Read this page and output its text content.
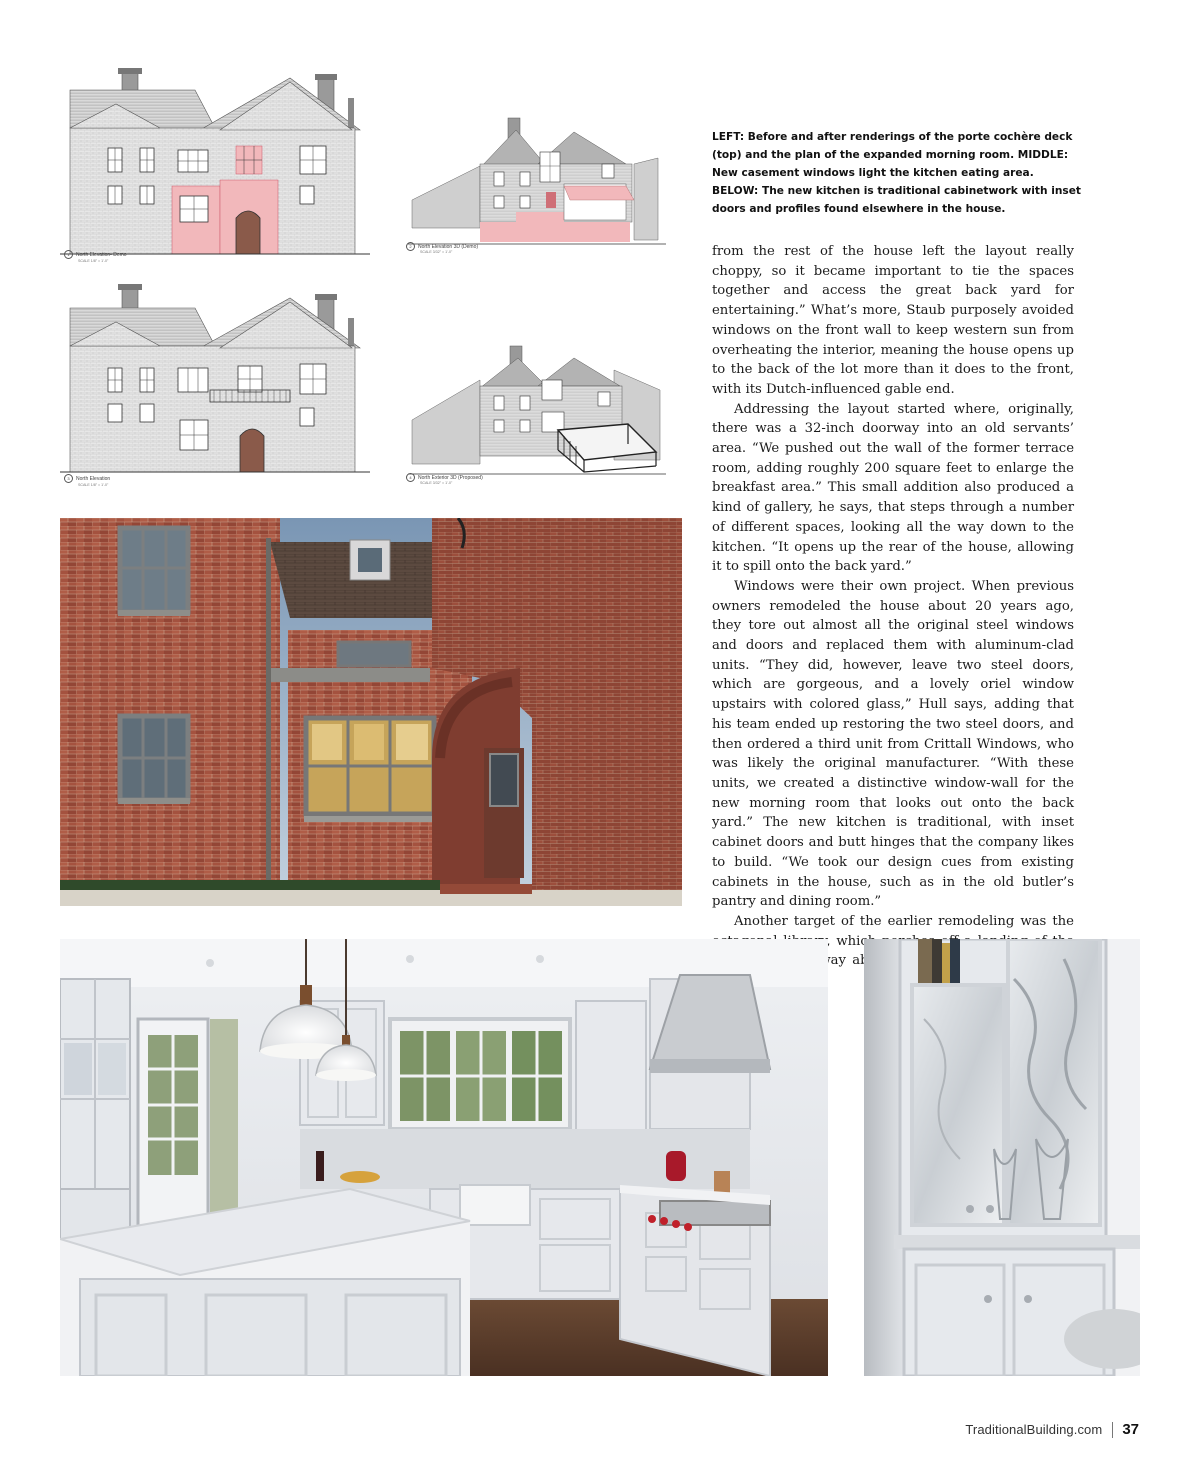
1 North Elevation- Demo
SCALE 1/8" = 1'-0"
2 North Elevation 3D (Demo)
SCALE 3/32" = 1'-0"
3 North Elevation
SCALE 1/8" = 1'-0"
4 North Exterior 3D (Proposed)
SCALE 3/32" = 1'-0"
LEFT: Before and after renderings of the porte cochère deck (top) and the plan of the expanded morning room. MIDDLE: New casement windows light the kitchen eating area. BELOW: The new kitchen is traditional cabinetwork with inset doors and profiles found elsewhere in the house.

from the rest of the house left the layout really choppy, so it became important to tie the spaces together and access the great back yard for entertaining.” What’s more, Staub purposely avoided windows on the front wall to keep western sun from overheating the interior, meaning the house opens up to the back of the lot more than it does to the front, with its Dutch-influenced gable end.

Addressing the layout started where, originally, there was a 32-inch doorway into an old servants’ area. “We pushed out the wall of the former terrace room, adding roughly 200 square feet to enlarge the breakfast area.” This small addition also produced a kind of gallery, he says, that steps through a number of different spaces, looking all the way down to the kitchen. “It opens up the rear of the house, allowing it to spill onto the back yard.”

Windows were their own project. When previous owners remodeled the house about 20 years ago, they tore out almost all the original steel windows and doors and replaced them with aluminum-clad units. “They did, however, leave two steel doors, which are gorgeous, and a lovely oriel window upstairs with colored glass,” Hull says, adding that his team ended up restoring the two steel doors, and then ordered a third unit from Crittall Windows, who was likely the original manufacturer. “With these units, we created a distinctive window-wall for the new morning room that looks out onto the back yard.” The new kitchen is traditional, with inset cabinet doors and butt hinges that the company likes to build. “We took our design cues from existing cabinets in the house, such as in the old butler’s pantry and dining room.”

Another target of the earlier remodeling was the which

TraditionalBuilding.com 37
